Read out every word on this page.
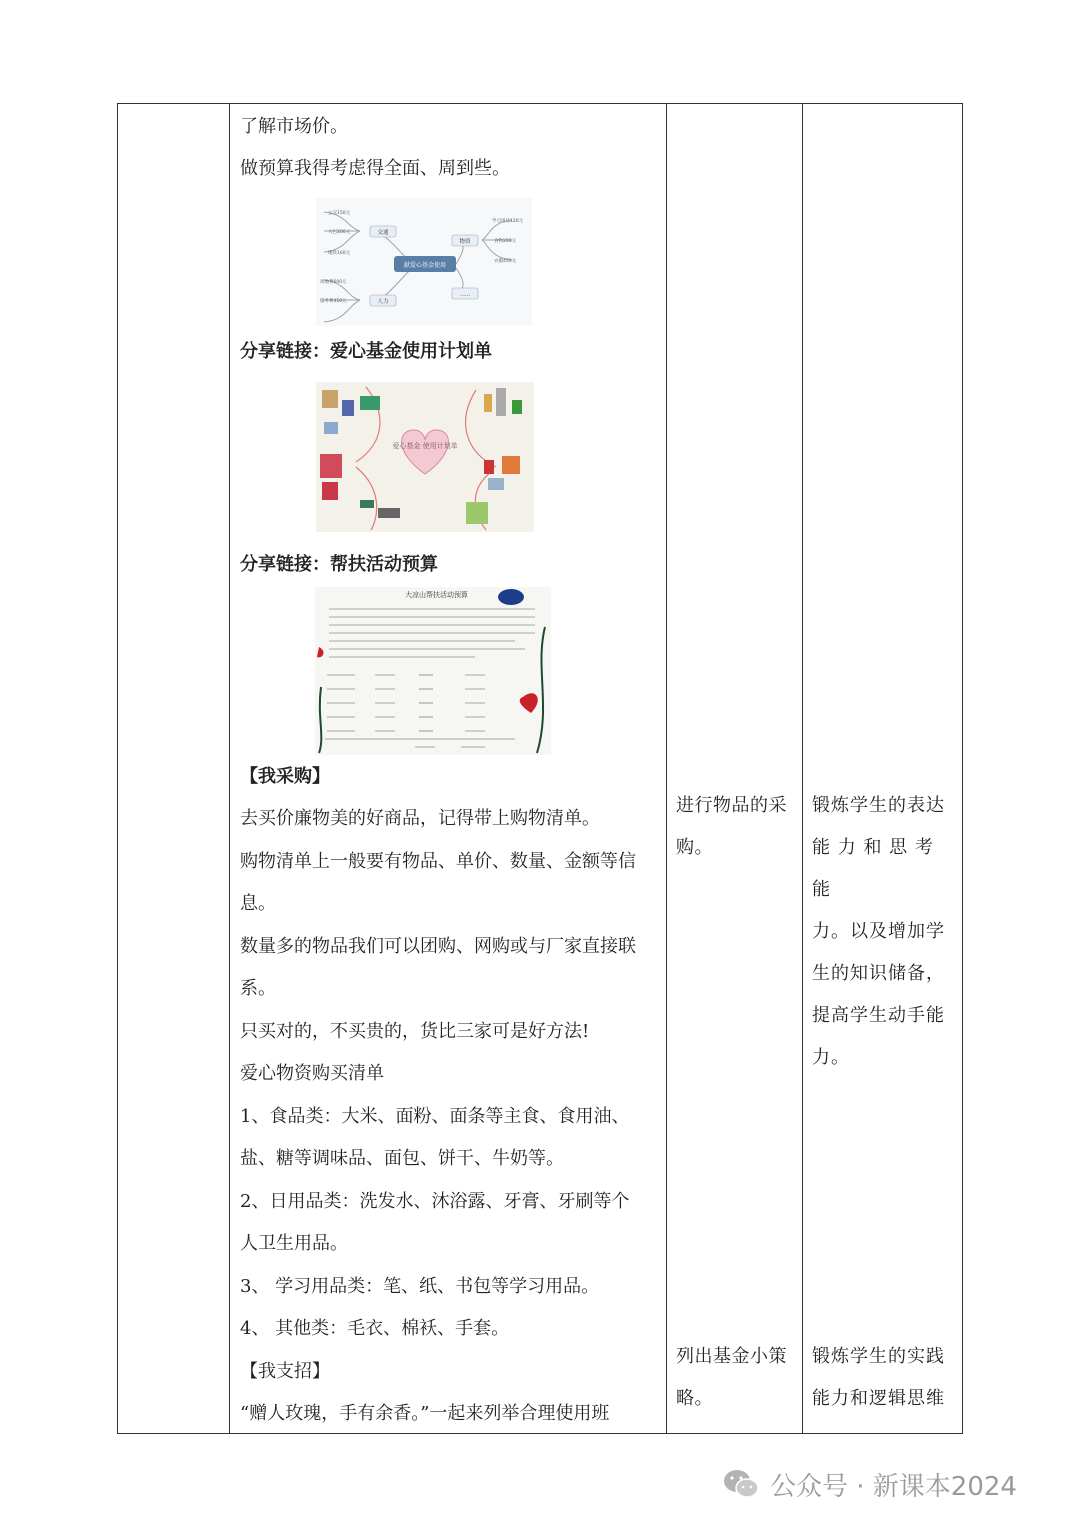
了解市场价。
做预算我得考虑得全面、周到些。
献爱心基金使用
交通
物资
人力
......
公交150元
大巴200元
地铁160元
学习用品120元
食物200元
衣服450元
场地费600元
服务费450元
分享链接：爱心基金使用计划单
爱心基金 使用计划单
分享链接：帮扶活动预算
大凉山帮扶活动预算
【我采购】
去买价廉物美的好商品，记得带上购物清单。
购物清单上一般要有物品、单价、数量、金额等信
息。
数量多的物品我们可以团购、网购或与厂家直接联
系。
只买对的，不买贵的，货比三家可是好方法!
爱心物资购买清单
1、食品类：大米、面粉、面条等主食、食用油、
盐、糖等调味品、面包、饼干、牛奶等。
2、日用品类：洗发水、沐浴露、牙膏、牙刷等个
人卫生用品。
3、 学习用品类：笔、纸、书包等学习用品。
4、 其他类：毛衣、棉袄、手套。
【我支招】
“赠人玫瑰，手有余香。”一起来列举合理使用班
进行物品的采
购。
列出基金小策
略。
锻炼学生的表达
能 力 和 思 考 能
力。以及增加学
生的知识储备，
提高学生动手能
力。
锻炼学生的实践
能力和逻辑思维
公众号 · 新课本2024
